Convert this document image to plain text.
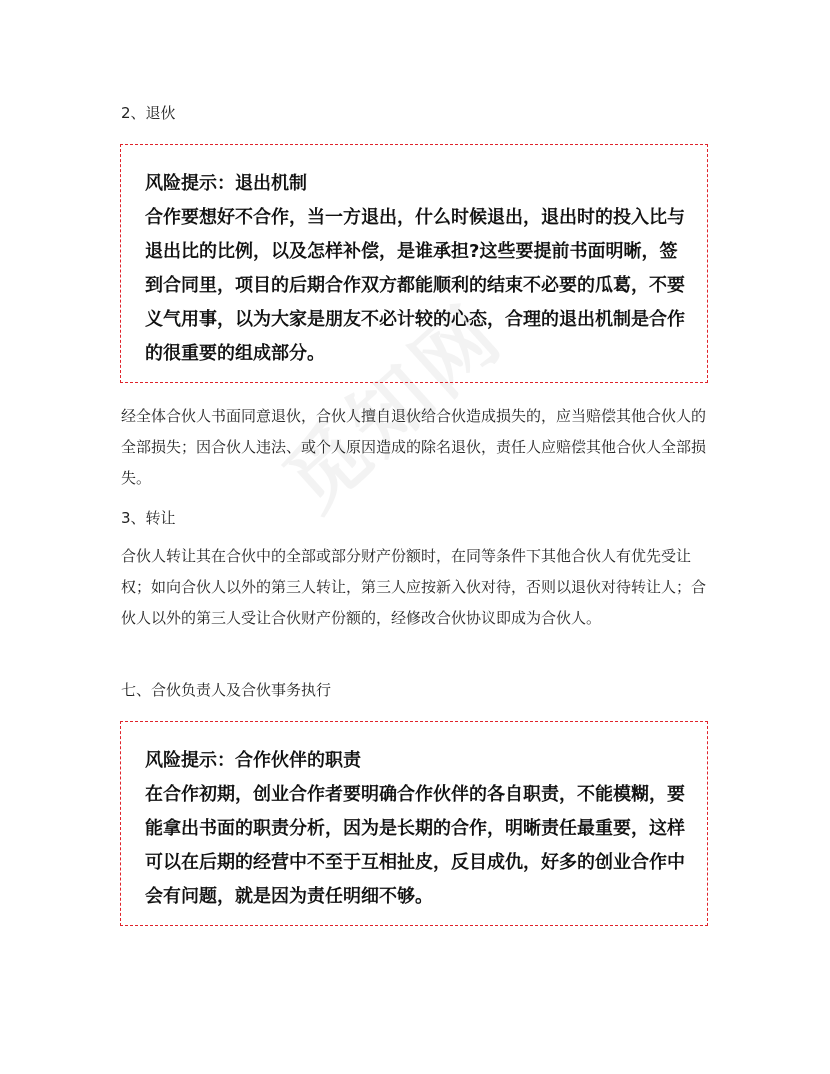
2、退伙
风险提示：退出机制
合作要想好不合作，当一方退出，什么时候退出，退出时的投入比与退出比的比例，以及怎样补偿，是谁承担?这些要提前书面明晰，签到合同里，项目的后期合作双方都能顺利的结束不必要的瓜葛，不要义气用事，以为大家是朋友不必计较的心态，合理的退出机制是合作的很重要的组成部分。
经全体合伙人书面同意退伙，合伙人擅自退伙给合伙造成损失的，应当赔偿其他合伙人的全部损失；因合伙人违法、或个人原因造成的除名退伙，责任人应赔偿其他合伙人全部损失。
3、转让
合伙人转让其在合伙中的全部或部分财产份额时，在同等条件下其他合伙人有优先受让权；如向合伙人以外的第三人转让，第三人应按新入伙对待，否则以退伙对待转让人；合伙人以外的第三人受让合伙财产份额的，经修改合伙协议即成为合伙人。
七、合伙负责人及合伙事务执行
风险提示：合作伙伴的职责
在合作初期，创业合作者要明确合作伙伴的各自职责，不能模糊，要能拿出书面的职责分析，因为是长期的合作，明晰责任最重要，这样可以在后期的经营中不至于互相扯皮，反目成仇，好多的创业合作中会有问题，就是因为责任明细不够。
